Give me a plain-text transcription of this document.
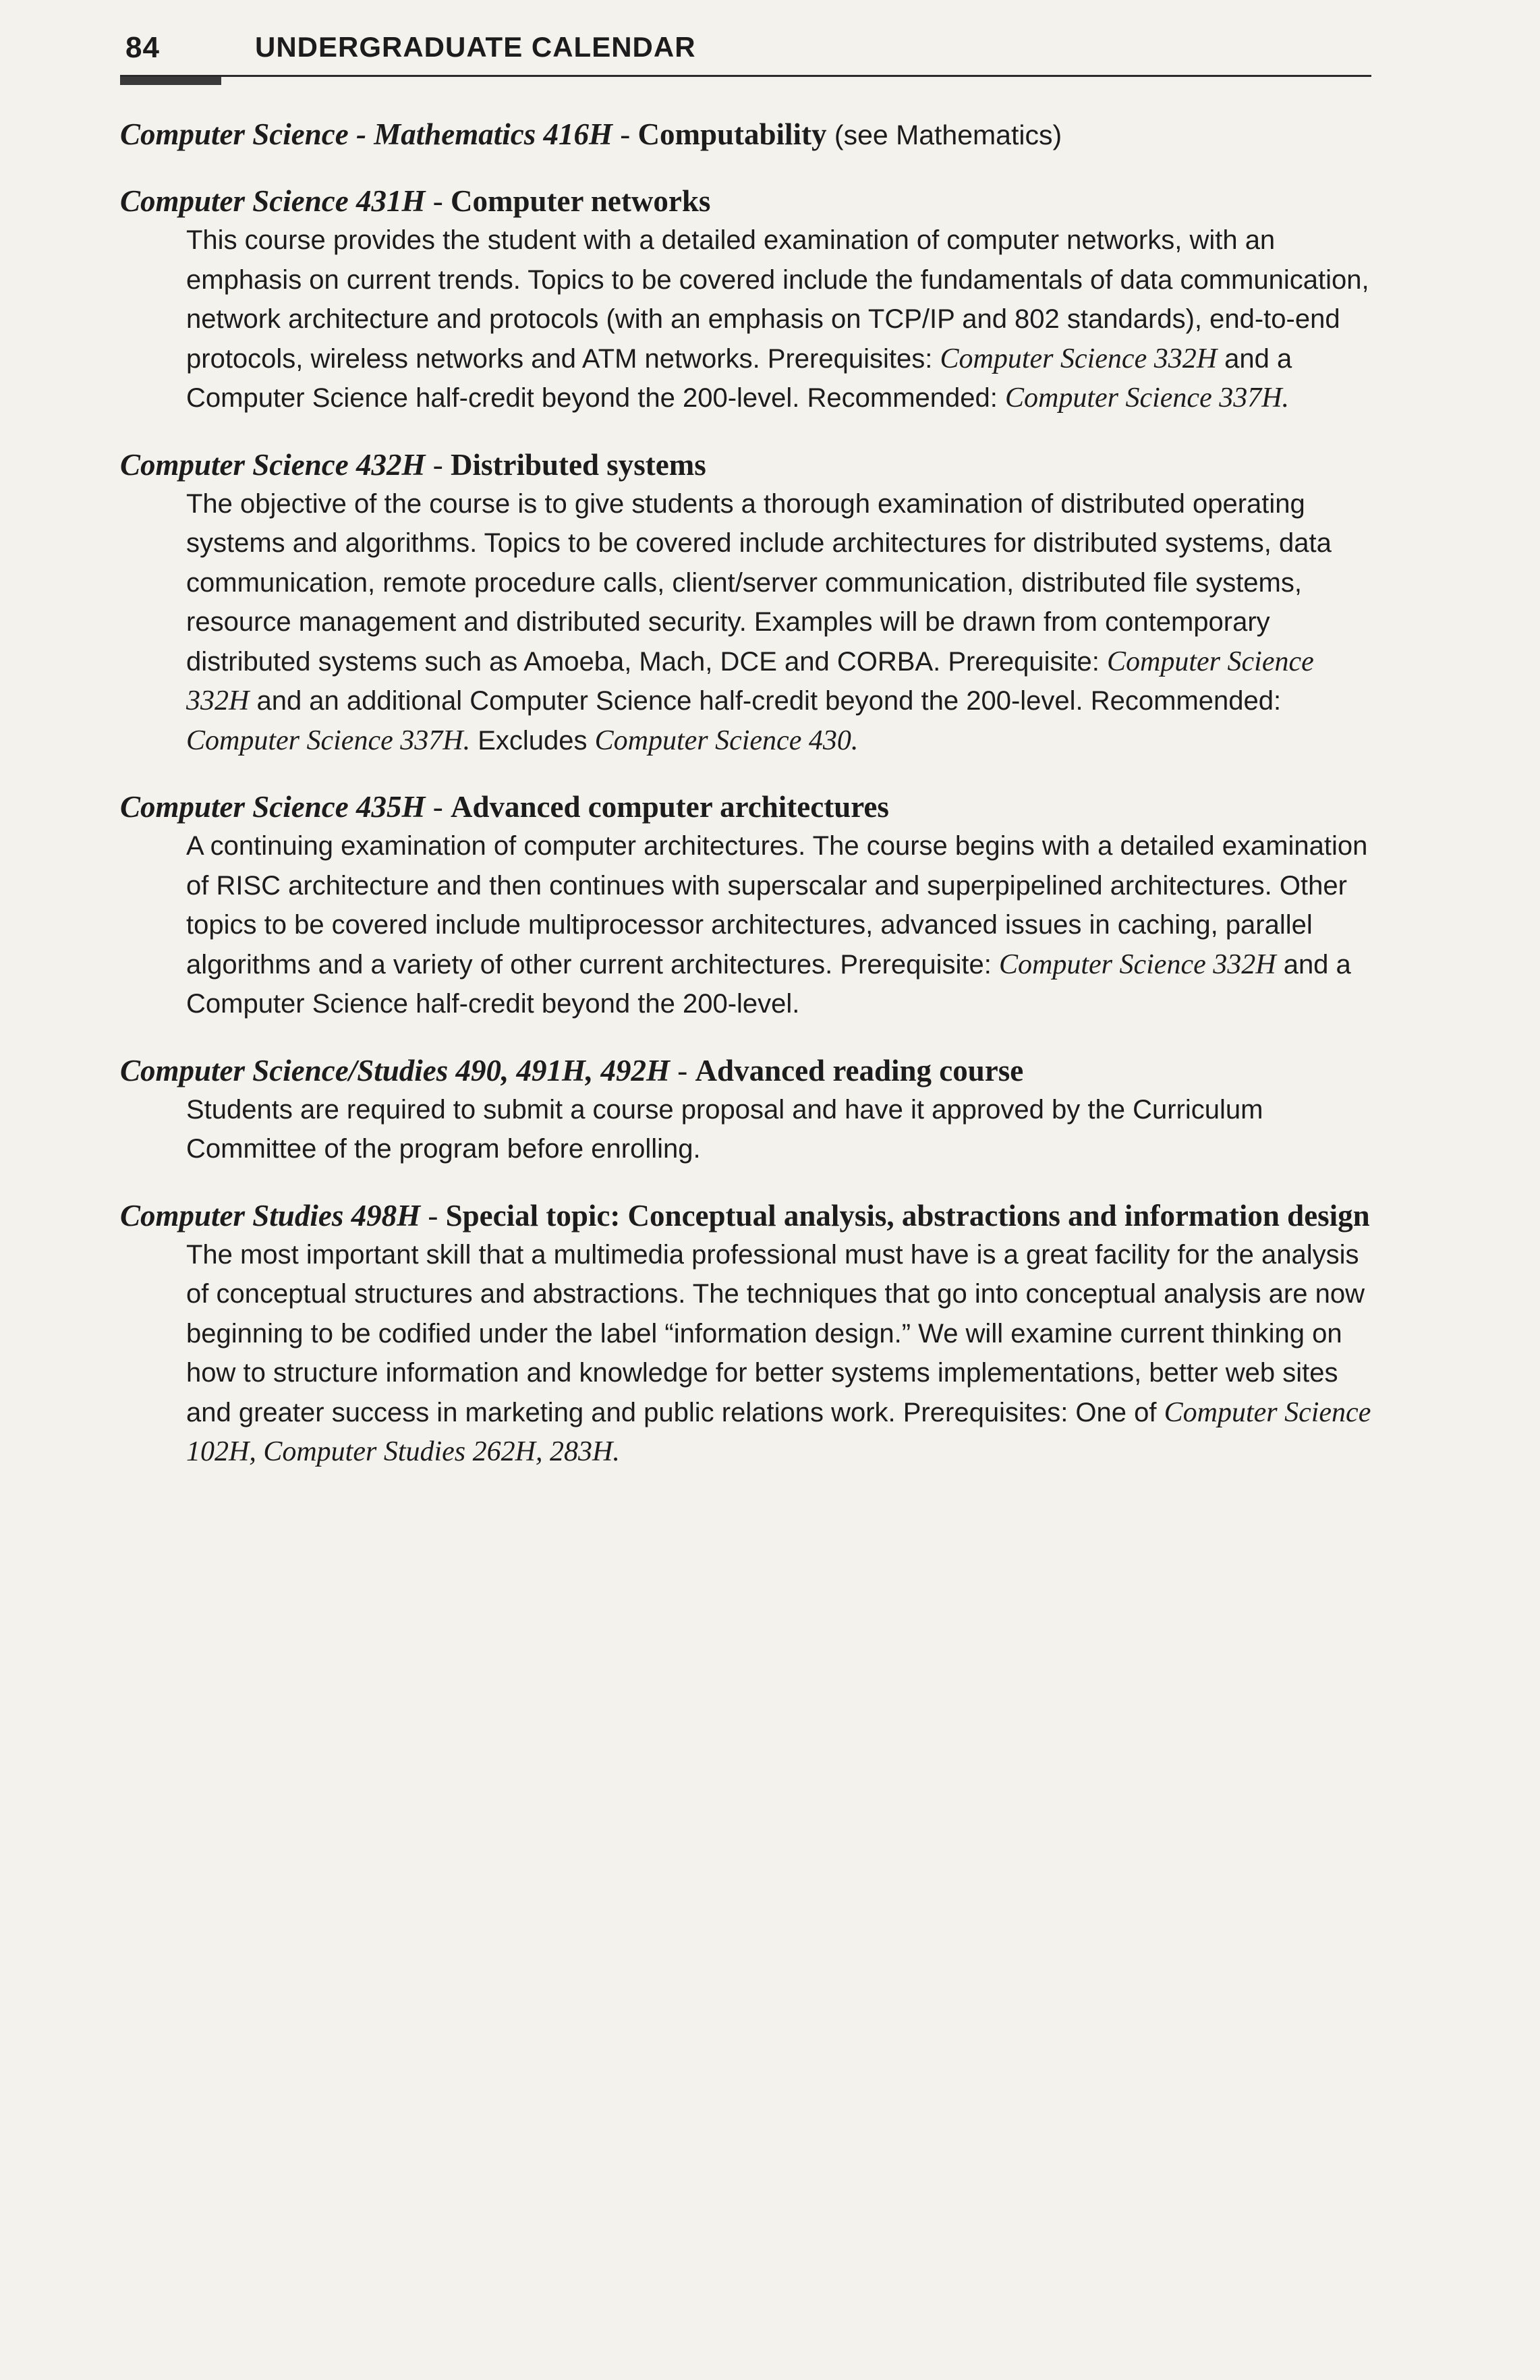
84	UNDERGRADUATE CALENDAR

Computer Science - Mathematics 416H - Computability (see Mathematics)

Computer Science 431H - Computer networks

This course provides the student with a detailed examination of computer networks, with an emphasis on current trends. Topics to be covered include the fundamentals of data communication, network architecture and protocols (with an emphasis on TCP/IP and 802 standards), end-to-end protocols, wireless networks and ATM networks. Prerequisites: Computer Science 332H and a Computer Science half-credit beyond the 200-level. Recommended: Computer Science 337H.

Computer Science 432H - Distributed systems

The objective of the course is to give students a thorough examination of distributed operating systems and algorithms. Topics to be covered include architectures for distributed systems, data communication, remote procedure calls, client/server communication, distributed file systems, resource management and distributed security. Examples will be drawn from contemporary distributed systems such as Amoeba, Mach, DCE and CORBA. Prerequisite: Computer Science 332H and an additional Computer Science half-credit beyond the 200-level. Recommended: Computer Science 337H. Excludes Computer Science 430.

Computer Science 435H - Advanced computer architectures

A continuing examination of computer architectures. The course begins with a detailed examination of RISC architecture and then continues with superscalar and superpipelined architectures. Other topics to be covered include multiprocessor architectures, advanced issues in caching, parallel algorithms and a variety of other current architectures. Prerequisite: Computer Science 332H and a Computer Science half-credit beyond the 200-level.

Computer Science/Studies 490, 491H, 492H - Advanced reading course

Students are required to submit a course proposal and have it approved by the Curriculum Committee of the program before enrolling.

Computer Studies 498H - Special topic: Conceptual analysis, abstractions and information design

The most important skill that a multimedia professional must have is a great facility for the analysis of conceptual structures and abstractions. The techniques that go into conceptual analysis are now beginning to be codified under the label “information design.” We will examine current thinking on how to structure information and knowledge for better systems implementations, better web sites and greater success in marketing and public relations work. Prerequisites: One of Computer Science 102H, Computer Studies 262H, 283H.
